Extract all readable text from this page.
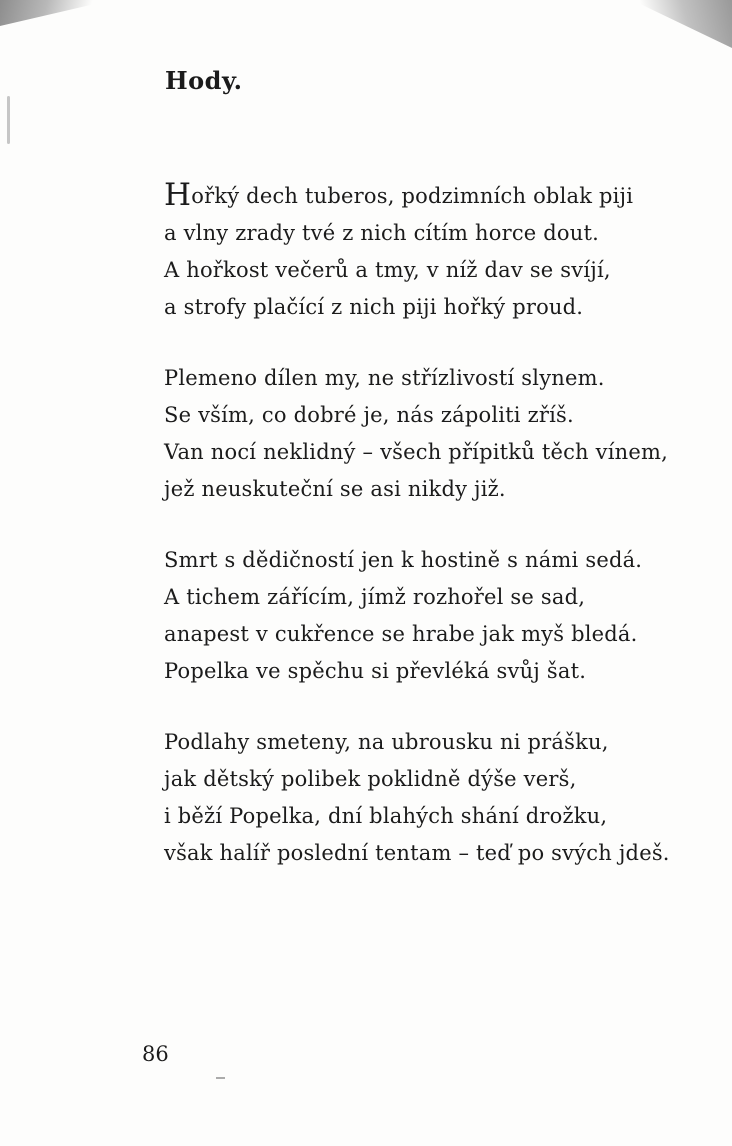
Hody.

Hořký dech tuberos, podzimních oblak piji

a vlny zrady tvé z nich cítím horce dout.

A hořkost večerů a tmy, v níž dav se svíjí,

a strofy plačící z nich piji hořký proud.

Plemeno dílen my, ne střízlivostí slynem.

Se vším, co dobré je, nás zápoliti zříš.

Van nocí neklidný – všech přípitků těch vínem,

jež neuskuteční se asi nikdy již.

Smrt s dědičností jen k hostině s námi sedá.

A tichem zářícím, jímž rozhořel se sad,

anapest v cukřence se hrabe jak myš bledá.

Popelka ve spěchu si převléká svůj šat.

Podlahy smeteny, na ubrousku ni prášku,

jak dětský polibek poklidně dýše verš,

i běží Popelka, dní blahých shání drožku,

však halíř poslední tentam – teď po svých jdeš.

86
